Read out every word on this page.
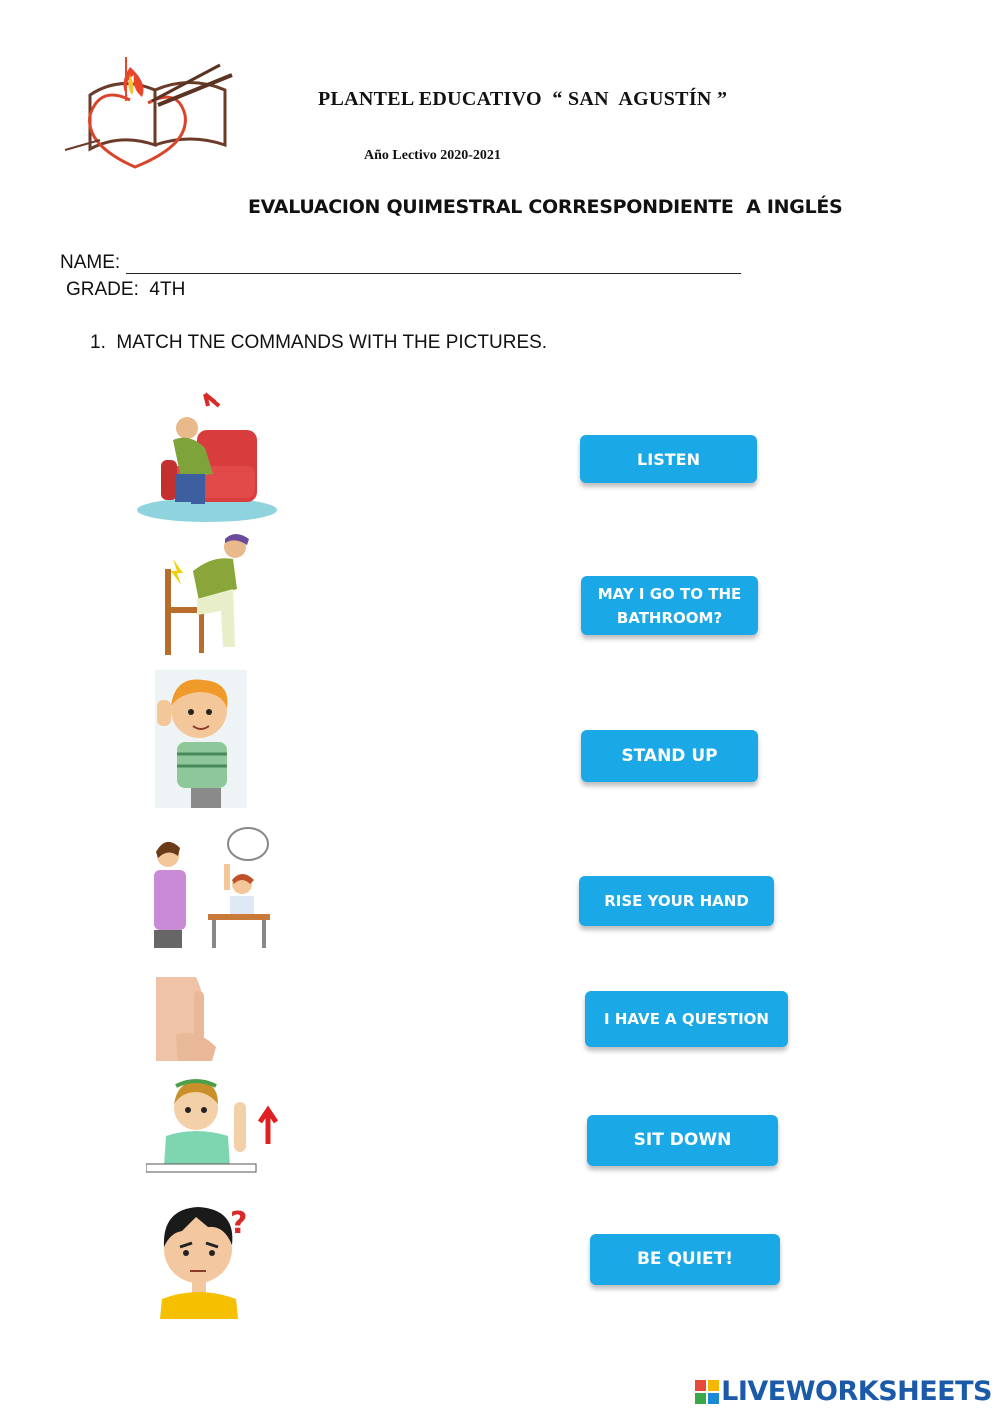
PLANTEL EDUCATIVO  “ SAN  AGUSTÍN ”
Año Lectivo 2020-2021
EVALUACION QUIMESTRAL CORRESPONDIENTE  A INGLÉS
NAME:
GRADE:  4TH
1.  MATCH TNE COMMANDS WITH THE PICTURES.
?
LISTEN
MAY I GO TO THE
BATHROOM?
STAND UP
RISE YOUR HAND
I HAVE A QUESTION
SIT DOWN
BE QUIET!
LIVEWORKSHEETS
